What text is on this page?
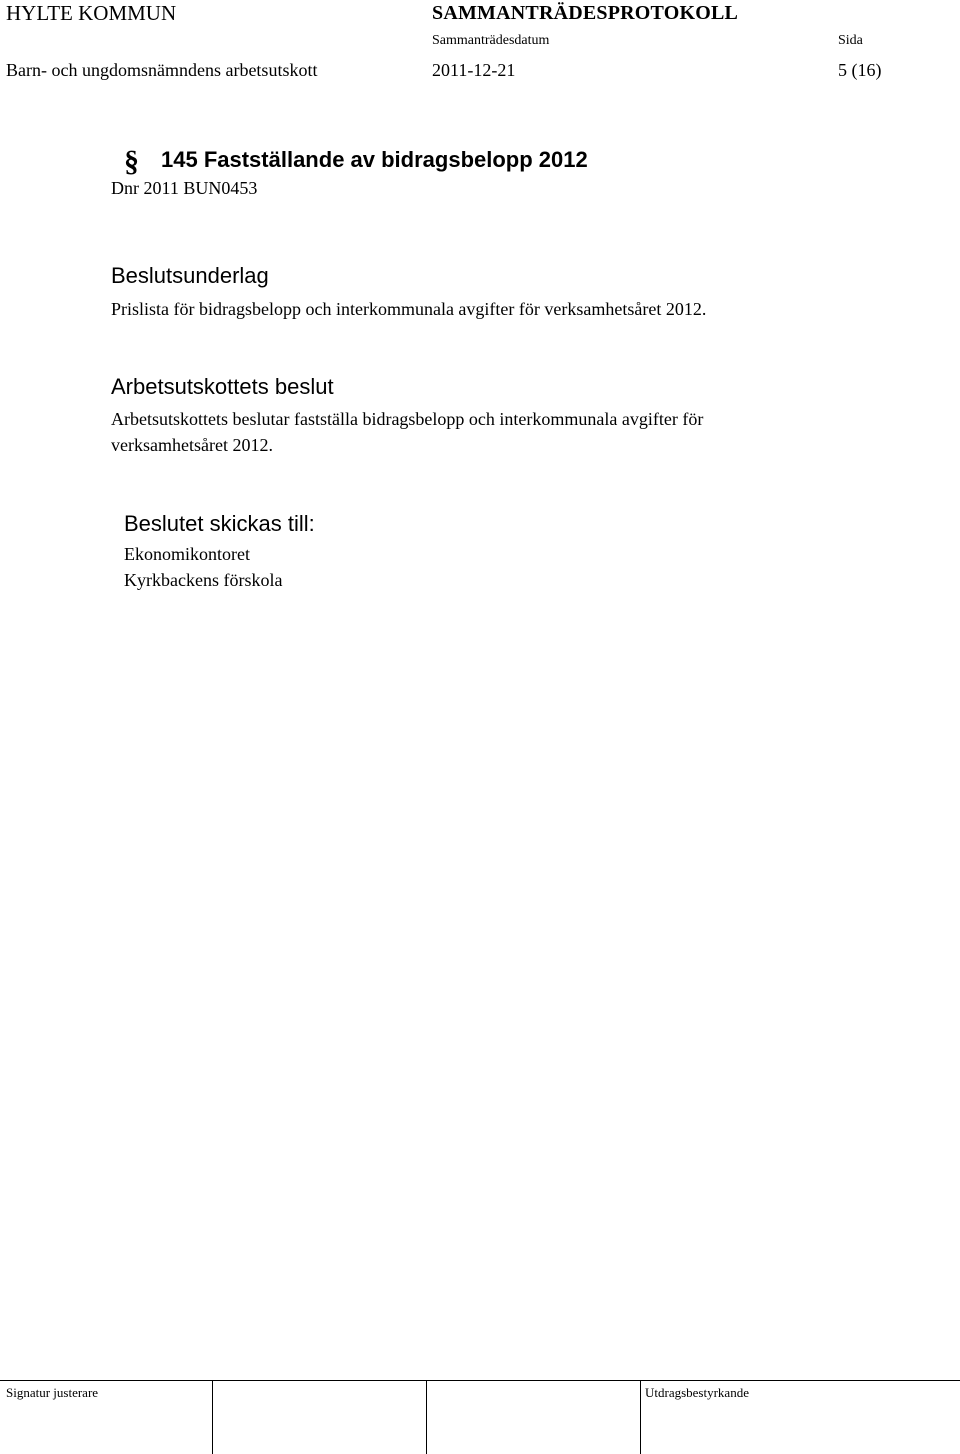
HYLTE KOMMUN	SAMMANTRÄDESPROTOKOLL
Sammanträdesdatum	Sida
Barn- och ungdomsnämndens arbetsutskott	2011-12-21	5 (16)
§ 145 Fastställande av bidragsbelopp 2012
Dnr 2011 BUN0453
Beslutsunderlag
Prislista för bidragsbelopp och interkommunala avgifter för verksamhetsåret 2012.
Arbetsutskottets beslut
Arbetsutskottets beslutar fastställa bidragsbelopp och interkommunala avgifter för
verksamhetsåret 2012.
Beslutet skickas till:
Ekonomikontoret
Kyrkbackens förskola
Signatur justerare	Utdragsbestyrkande
